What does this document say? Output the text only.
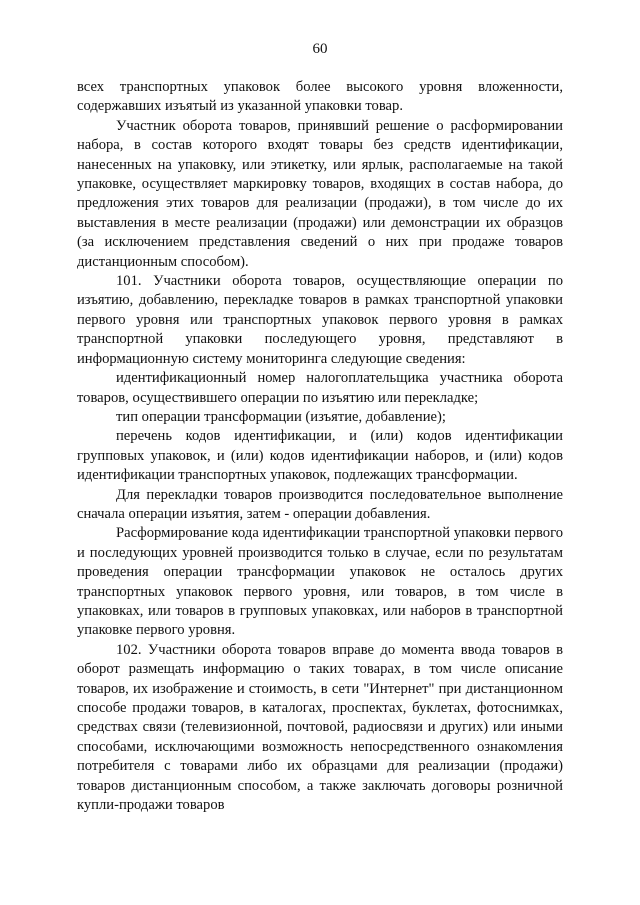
60

всех транспортных упаковок более высокого уровня вложенности, содержавших изъятый из указанной упаковки товар.

Участник оборота товаров, принявший решение о расформировании набора, в состав которого входят товары без средств идентификации, нанесенных на упаковку, или этикетку, или ярлык, располагаемые на такой упаковке, осуществляет маркировку товаров, входящих в состав набора, до предложения этих товаров для реализации (продажи), в том числе до их выставления в месте реализации (продажи) или демонстрации их образцов (за исключением представления сведений о них при продаже товаров дистанционным способом).

101. Участники оборота товаров, осуществляющие операции по изъятию, добавлению, перекладке товаров в рамках транспортной упаковки первого уровня или транспортных упаковок первого уровня в рамках транспортной упаковки последующего уровня, представляют в информационную систему мониторинга следующие сведения:

идентификационный номер налогоплательщика участника оборота товаров, осуществившего операции по изъятию или перекладке;

тип операции трансформации (изъятие, добавление);

перечень кодов идентификации, и (или) кодов идентификации групповых упаковок, и (или) кодов идентификации наборов, и (или) кодов идентификации транспортных упаковок, подлежащих трансформации.

Для перекладки товаров производится последовательное выполнение сначала операции изъятия, затем - операции добавления.

Расформирование кода идентификации транспортной упаковки первого и последующих уровней производится только в случае, если по результатам проведения операции трансформации упаковок не осталось других транспортных упаковок первого уровня, или товаров, в том числе в упаковках, или товаров в групповых упаковках, или наборов в транспортной упаковке первого уровня.

102. Участники оборота товаров вправе до момента ввода товаров в оборот размещать информацию о таких товарах, в том числе описание товаров, их изображение и стоимость, в сети "Интернет" при дистанционном способе продажи товаров, в каталогах, проспектах, буклетах, фотоснимках, средствах связи (телевизионной, почтовой, радиосвязи и других) или иными способами, исключающими возможность непосредственного ознакомления потребителя с товарами либо их образцами для реализации (продажи) товаров дистанционным способом, а также заключать договоры розничной купли-продажи товаров
